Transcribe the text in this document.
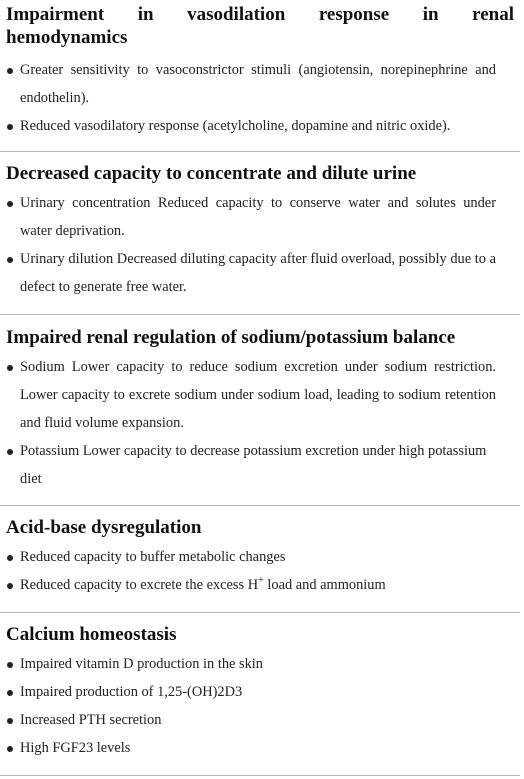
Impairment in vasodilation response in renal
hemodynamics
Greater sensitivity to vasoconstrictor stimuli (angiotensin, norepinephrine and endothelin).
Reduced vasodilatory response (acetylcholine, dopamine and nitric oxide).
Decreased capacity to concentrate and dilute urine
Urinary concentration Reduced capacity to conserve water and solutes under water deprivation.
Urinary dilution Decreased diluting capacity after fluid overload, possibly due to a defect to generate free water.
Impaired renal regulation of sodium/potassium balance
Sodium Lower capacity to reduce sodium excretion under sodium restriction. Lower capacity to excrete sodium under sodium load, leading to sodium retention and fluid volume expansion.
Potassium Lower capacity to decrease potassium excretion under high potassium diet
Acid-base dysregulation
Reduced capacity to buffer metabolic changes
Reduced capacity to excrete the excess H+ load and ammonium
Calcium homeostasis
Impaired vitamin D production in the skin
Impaired production of 1,25-(OH)2D3
Increased PTH secretion
High FGF23 levels
